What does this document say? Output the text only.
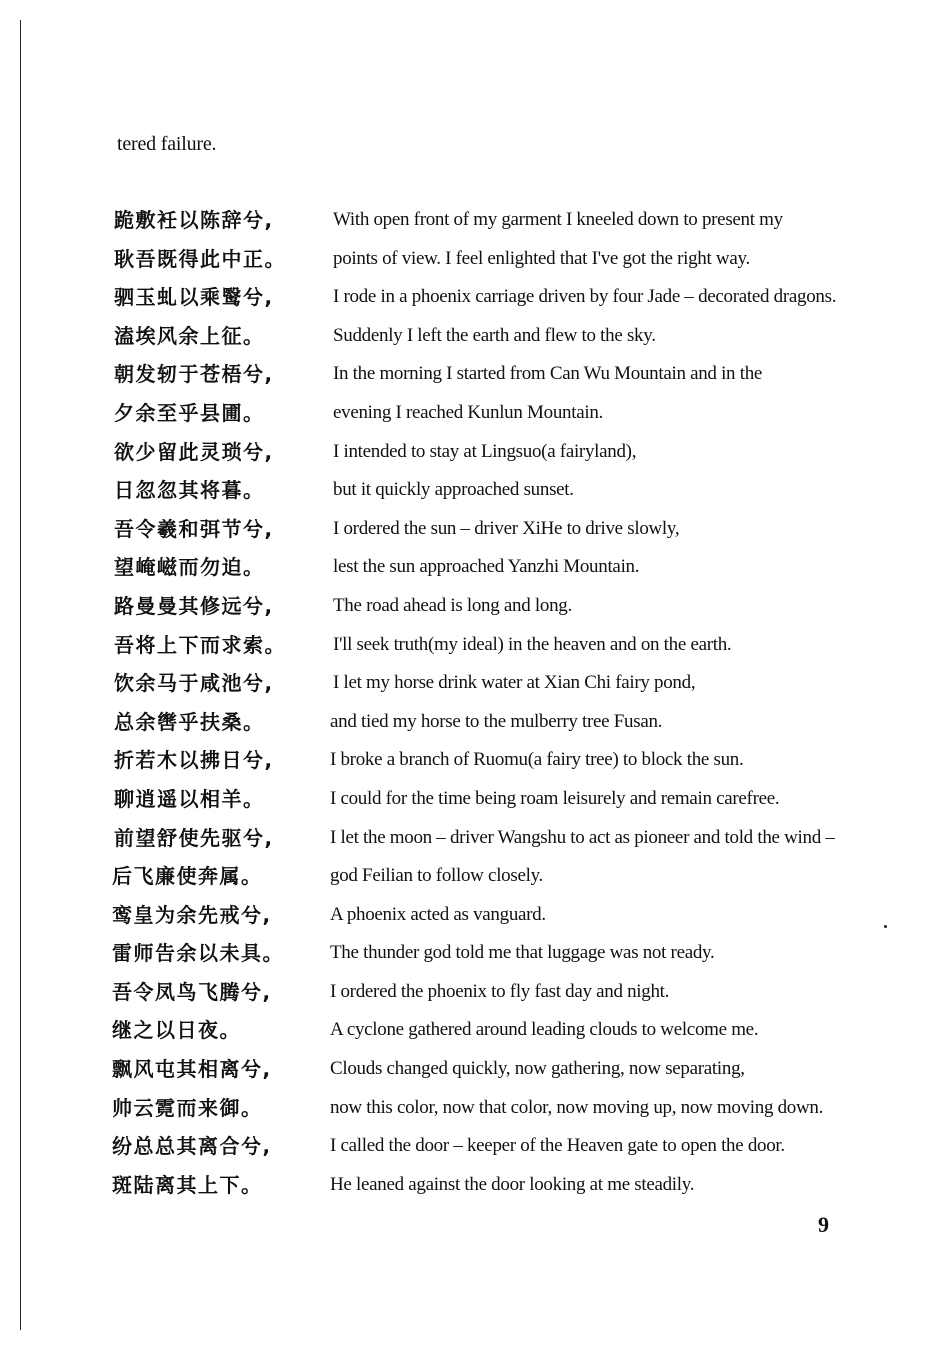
tered failure.
跪敷衽以陈辞兮,	With open front of my garment I kneeled down to present my
耿吾既得此中正。 points of view. I feel enlighted that I've got the right way.
驷玉虬以乘鹥兮,	I rode in a phoenix carriage driven by four Jade – decorated dragons.
溘埃风余上征。	Suddenly I left the earth and flew to the sky.
朝发轫于苍梧兮,	In the morning I started from Can Wu Mountain and in the
夕余至乎县圃。	evening I reached Kunlun Mountain.
欲少留此灵琐兮,	I intended to stay at Lingsuo(a fairyland),
日忽忽其将暮。	but it quickly approached sunset.
吾令羲和弭节兮,	I ordered the sun – driver XiHe to drive slowly,
望崦嵫而勿迫。	lest the sun approached Yanzhi Mountain.
路曼曼其修远兮,	The road ahead is long and long.
吾将上下而求索。 I'll seek truth(my ideal) in the heaven and on the earth.
饮余马于咸池兮,	I let my horse drink water at Xian Chi fairy pond,
总余辔乎扶桑。	and tied my horse to the mulberry tree Fusan.
折若木以拂日兮,	I broke a branch of Ruomu(a fairy tree) to block the sun.
聊逍遥以相羊。	I could for the time being roam leisurely and remain carefree.
前望舒使先驱兮,	I let the moon – driver Wangshu to act as pioneer and told the wind –
后飞廉使奔属。	god Feilian to follow closely.
鸾皇为余先戒兮,	A phoenix acted as vanguard.
雷师告余以未具。 The thunder god told me that luggage was not ready.
吾令凤鸟飞腾兮,	I ordered the phoenix to fly fast day and night.
继之以日夜。	A cyclone gathered around leading clouds to welcome me.
飘风屯其相离兮,	Clouds changed quickly, now gathering, now separating,
帅云霓而来御。	now this color, now that color, now moving up, now moving down.
纷总总其离合兮,	I called the door – keeper of the Heaven gate to open the door.
斑陆离其上下。	He leaned against the door looking at me steadily.
9
